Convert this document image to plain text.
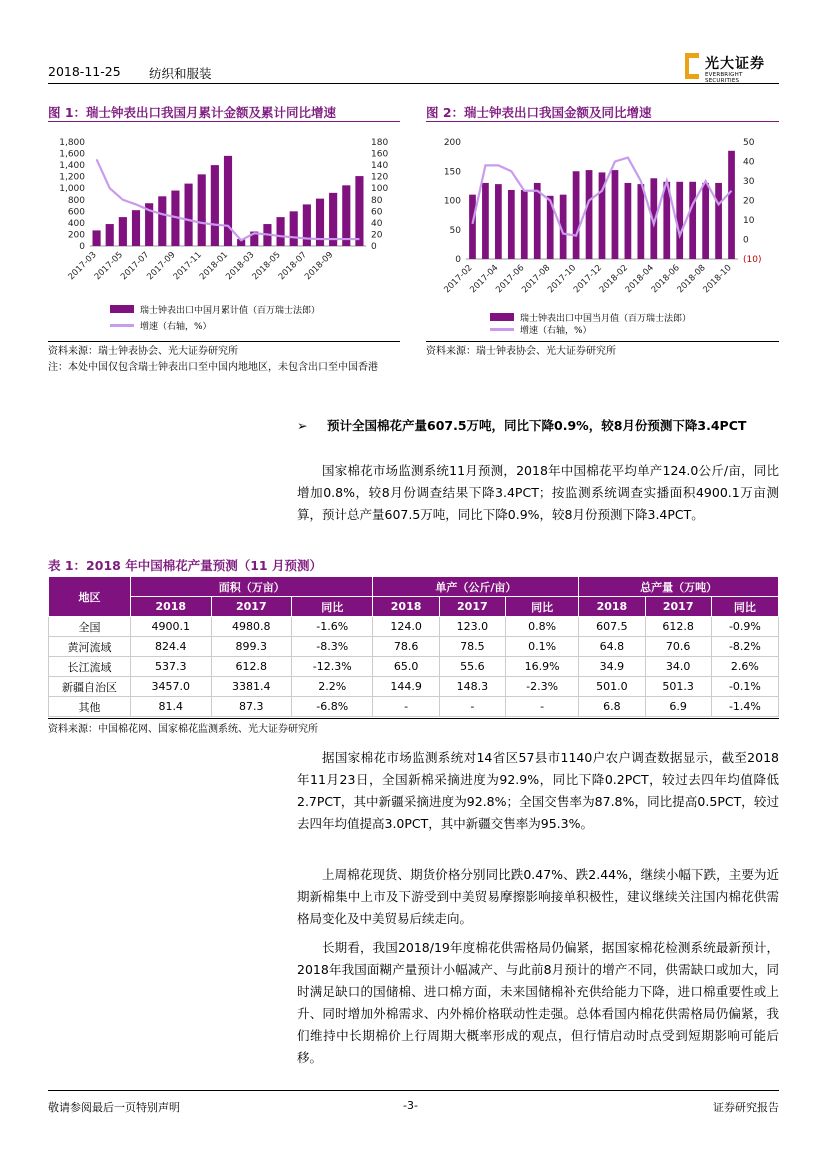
2018-11-25 纺织和服装
光大证券
EVERBRIGHT SECURITIES
图 1：瑞士钟表出口我国月累计金额及累计同比增速	图 2：瑞士钟表出口我国金额及同比增速
1,800
1,600
1,400
1,200
1,000
800
600
400
200
0
180
160
140
120
100
80
60
40
20
0
2017-03
2017-05
2017-07
2017-09
2017-11
2018-01
2018-03
2018-05
2018-07
2018-09
瑞士钟表出口中国月累计值（百万瑞士法郎）
增速（右轴，%）
200
150
100
50
0
50
40
30
20
10
0
(10)
2017-02
2017-04
2017-06
2017-08
2017-10
2017-12
2018-02
2018-04
2018-06
2018-08
2018-10
瑞士钟表出口中国当月值（百万瑞士法郎）
增速（右轴，%）
资料来源：瑞士钟表协会、光大证券研究所
注：本处中国仅包含瑞士钟表出口至中国内地地区，未包含出口至中国香港
资料来源：瑞士钟表协会、光大证券研究所
➢	预计全国棉花产量607.5万吨，同比下降0.9%，较8月份预测下降3.4PCT
国家棉花市场监测系统11月预测，2018年中国棉花平均单产124.0公斤/亩，同比增加0.8%，较8月份调查结果下降3.4PCT；按监测系统调查实播面积4900.1万亩测算，预计总产量607.5万吨，同比下降0.9%，较8月份预测下降3.4PCT。
表 1：2018 年中国棉花产量预测（11 月预测）
地区	面积（万亩）			单产（公斤/亩）			总产量（万吨）		
	2018	2017	同比	2018	2017	同比	2018	2017	同比
全国	4900.1	4980.8	-1.6%	124.0	123.0	0.8%	607.5	612.8	-0.9%
黄河流域	824.4	899.3	-8.3%	78.6	78.5	0.1%	64.8	70.6	-8.2%
长江流域	537.3	612.8	-12.3%	65.0	55.6	16.9%	34.9	34.0	2.6%
新疆自治区	3457.0	3381.4	2.2%	144.9	148.3	-2.3%	501.0	501.3	-0.1%
其他	81.4	87.3	-6.8%	-	-	-	6.8	6.9	-1.4%
资料来源：中国棉花网、国家棉花监测系统、光大证券研究所
据国家棉花市场监测系统对14省区57县市1140户农户调查数据显示，截至2018年11月23日，全国新棉采摘进度为92.9%，同比下降0.2PCT，较过去四年均值降低2.7PCT，其中新疆采摘进度为92.8%；全国交售率为87.8%，同比提高0.5PCT，较过去四年均值提高3.0PCT，其中新疆交售率为95.3%。
上周棉花现货、期货价格分别同比跌0.47%、跌2.44%，继续小幅下跌，主要为近期新棉集中上市及下游受到中美贸易摩擦影响接单积极性，建议继续关注国内棉花供需格局变化及中美贸易后续走向。
长期看，我国2018/19年度棉花供需格局仍偏紧，据国家棉花检测系统最新预计，2018年我国面糊产量预计小幅减产、与此前8月预计的增产不同，供需缺口或加大，同时满足缺口的国储棉、进口棉方面，未来国储棉补充供给能力下降，进口棉重要性或上升、同时增加外棉需求、内外棉价格联动性走强。总体看国内棉花供需格局仍偏紧，我们维持中长期棉价上行周期大概率形成的观点，但行情启动时点受到短期影响可能后移。
敬请参阅最后一页特别声明	-3-	证券研究报告
